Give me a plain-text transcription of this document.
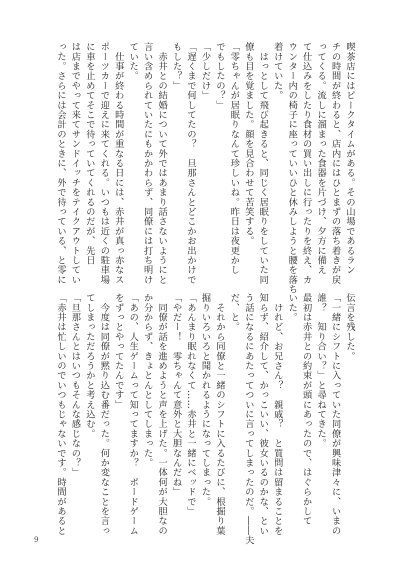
喫茶店にはピークタイムがある。その山場であるラン

チの時間が終わると、店内にはひとまずの落ち着きが戻

ってくる。流しに溜まった食器を片づけ、夕方に備え

て仕込みをしたり食材の買い出しに行ったりを終え、カ

ウンター内の椅子に座っていいひと休みしようと腰を落ち

着けていた。

　はっとして飛び起きると、同じく居眠りをしていた同

僚も目を覚ました。顔を見合わせて苦笑する。

「零ちゃんが居眠りなんて珍しいね。昨日は夜更かし

でもしたの？」

「少しだけ」

「遅くまで何してたの？　旦那さんとどこかお出かけで

もした？」

　赤井との結婚について外ではあまり話さないようにと

言い含められていたにもかかわらず、同僚には打ち明け

ていた。

　仕事が終わる時間が重なる日には、赤井が真っ赤なス

ポーツカーで迎えに来てくれる。いつもは近くの駐車場

に車を止めてそこで待っていてくれるのだが、先日

は店までやって来てサンドイッチをテイクアウトしてい

った。さらには会計のときに、外で待っている、と零に

伝言を残した。

「一緒にシフトに入っていた同僚が興味津々に、いまの

誰？　知り合い？」と尋ねてきた。

最初は赤井との約束が頭にあったので、はぐらかして

いた。

　けれど、お兄さん？　親戚？　と質問は留まることを

知らず、紹介して、かっこいい、彼女いるのかな、とい

う話になるにあたってついに言ってしまったのだ。――夫

だ、と。

　それから同僚と一緒のシフトに入るたびに、根掘り葉

掘りいろいろと聞かれるようになってしまった。

「あんまり眠れなくて……赤井と一緒にベッドで」

「やだー！　零ちゃんて意外と大胆なんだね」

　同僚が話を進めようと声を上げた。一体何が大胆なの

か分からず、きょとんとしてしまった。

「あの、人生ゲームって知ってますか？　ボードゲーム

をずっとやってたんです」

　今度は同僚が黙り込む番だった。何か変なことを言っ

てしまっただろうかと考え込む。

「旦那さんとはいつもそんな感じなの？」

「赤井は忙しいのでいつもじゃないです。時間があると

9
